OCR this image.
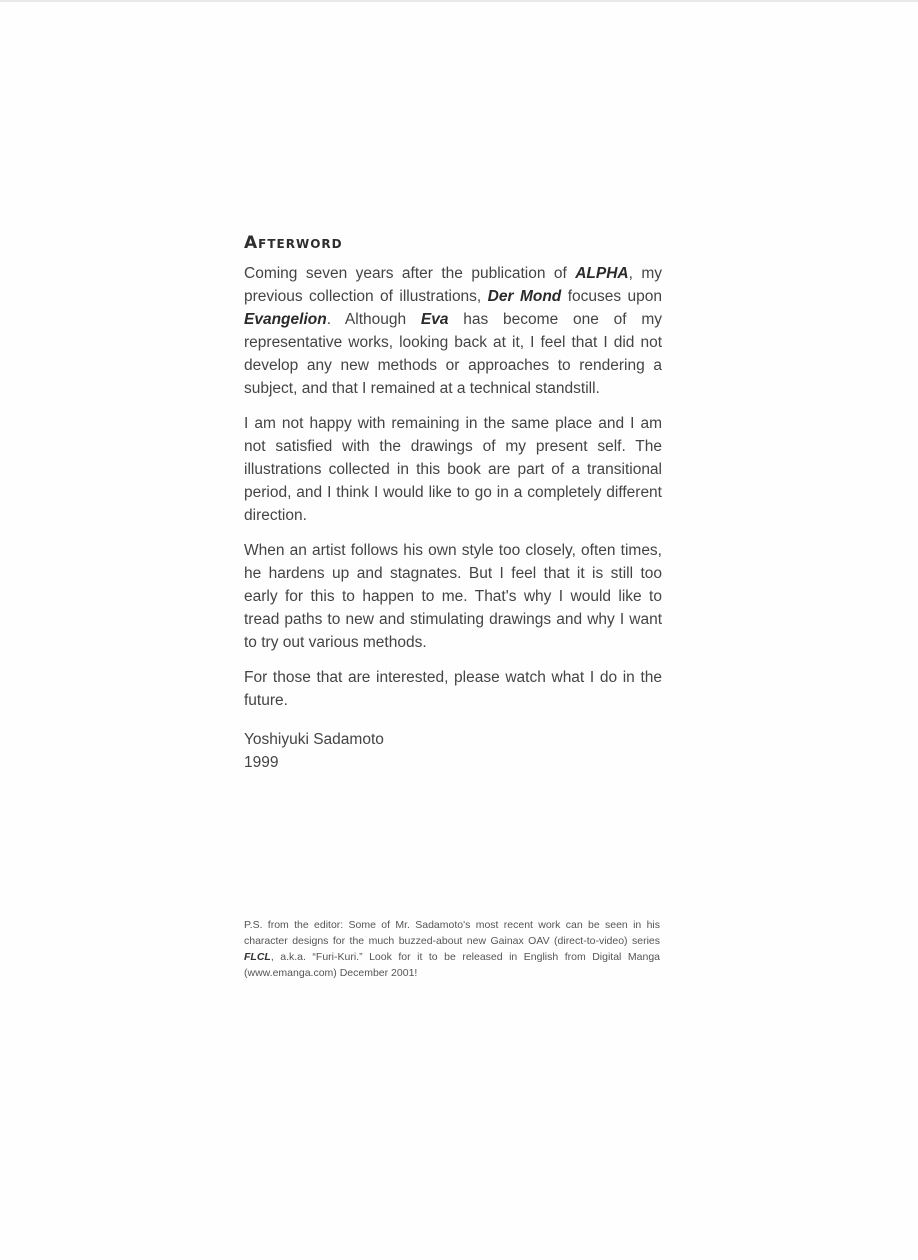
Afterword

Coming seven years after the publication of ALPHA, my previous collection of illustrations, Der Mond focuses upon Evangelion. Although Eva has become one of my representative works, looking back at it, I feel that I did not develop any new methods or approaches to rendering a subject, and that I remained at a technical standstill.

I am not happy with remaining in the same place and I am not satisfied with the drawings of my present self. The illustrations collected in this book are part of a transitional period, and I think I would like to go in a completely different direction.

When an artist follows his own style too closely, often times, he hardens up and stagnates. But I feel that it is still too early for this to happen to me. That's why I would like to tread paths to new and stimulating drawings and why I want to try out various methods.

For those that are interested, please watch what I do in the future.

Yoshiyuki Sadamoto
1999

P.S. from the editor: Some of Mr. Sadamoto's most recent work can be seen in his character designs for the much buzzed-about new Gainax OAV (direct-to-video) series FLCL, a.k.a. “Furi-Kuri.” Look for it to be released in English from Digital Manga (www.emanga.com) December 2001!
